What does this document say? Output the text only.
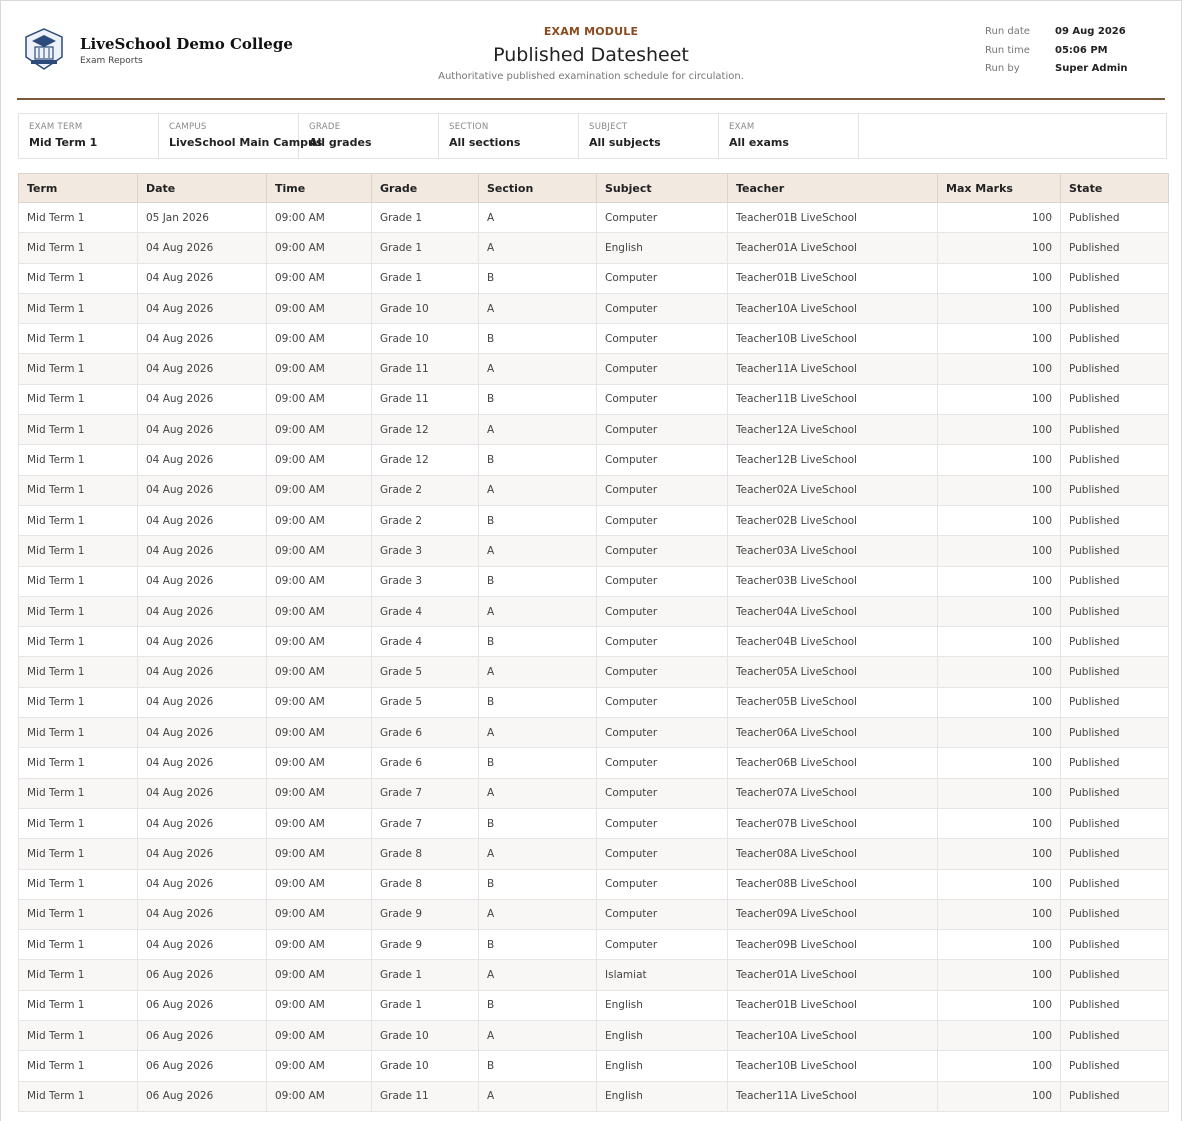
LiveSchool Demo College
Exam Reports
EXAM MODULE
Published Datesheet
Authoritative published examination schedule for circulation.
Run date	09 Aug 2026
Run time	05:06 PM
Run by	Super Admin
EXAM TERM
Mid Term 1
CAMPUS
LiveSchool Main Campus
GRADE
All grades
SECTION
All sections
SUBJECT
All subjects
EXAM
All exams
Term	Date	Time	Grade	Section	Subject	Teacher	Max Marks	State
Mid Term 1	05 Jan 2026	09:00 AM	Grade 1	A	Computer	Teacher01B LiveSchool	100	Published
Mid Term 1	04 Aug 2026	09:00 AM	Grade 1	A	English	Teacher01A LiveSchool	100	Published
Mid Term 1	04 Aug 2026	09:00 AM	Grade 1	B	Computer	Teacher01B LiveSchool	100	Published
Mid Term 1	04 Aug 2026	09:00 AM	Grade 10	A	Computer	Teacher10A LiveSchool	100	Published
Mid Term 1	04 Aug 2026	09:00 AM	Grade 10	B	Computer	Teacher10B LiveSchool	100	Published
Mid Term 1	04 Aug 2026	09:00 AM	Grade 11	A	Computer	Teacher11A LiveSchool	100	Published
Mid Term 1	04 Aug 2026	09:00 AM	Grade 11	B	Computer	Teacher11B LiveSchool	100	Published
Mid Term 1	04 Aug 2026	09:00 AM	Grade 12	A	Computer	Teacher12A LiveSchool	100	Published
Mid Term 1	04 Aug 2026	09:00 AM	Grade 12	B	Computer	Teacher12B LiveSchool	100	Published
Mid Term 1	04 Aug 2026	09:00 AM	Grade 2	A	Computer	Teacher02A LiveSchool	100	Published
Mid Term 1	04 Aug 2026	09:00 AM	Grade 2	B	Computer	Teacher02B LiveSchool	100	Published
Mid Term 1	04 Aug 2026	09:00 AM	Grade 3	A	Computer	Teacher03A LiveSchool	100	Published
Mid Term 1	04 Aug 2026	09:00 AM	Grade 3	B	Computer	Teacher03B LiveSchool	100	Published
Mid Term 1	04 Aug 2026	09:00 AM	Grade 4	A	Computer	Teacher04A LiveSchool	100	Published
Mid Term 1	04 Aug 2026	09:00 AM	Grade 4	B	Computer	Teacher04B LiveSchool	100	Published
Mid Term 1	04 Aug 2026	09:00 AM	Grade 5	A	Computer	Teacher05A LiveSchool	100	Published
Mid Term 1	04 Aug 2026	09:00 AM	Grade 5	B	Computer	Teacher05B LiveSchool	100	Published
Mid Term 1	04 Aug 2026	09:00 AM	Grade 6	A	Computer	Teacher06A LiveSchool	100	Published
Mid Term 1	04 Aug 2026	09:00 AM	Grade 6	B	Computer	Teacher06B LiveSchool	100	Published
Mid Term 1	04 Aug 2026	09:00 AM	Grade 7	A	Computer	Teacher07A LiveSchool	100	Published
Mid Term 1	04 Aug 2026	09:00 AM	Grade 7	B	Computer	Teacher07B LiveSchool	100	Published
Mid Term 1	04 Aug 2026	09:00 AM	Grade 8	A	Computer	Teacher08A LiveSchool	100	Published
Mid Term 1	04 Aug 2026	09:00 AM	Grade 8	B	Computer	Teacher08B LiveSchool	100	Published
Mid Term 1	04 Aug 2026	09:00 AM	Grade 9	A	Computer	Teacher09A LiveSchool	100	Published
Mid Term 1	04 Aug 2026	09:00 AM	Grade 9	B	Computer	Teacher09B LiveSchool	100	Published
Mid Term 1	06 Aug 2026	09:00 AM	Grade 1	A	Islamiat	Teacher01A LiveSchool	100	Published
Mid Term 1	06 Aug 2026	09:00 AM	Grade 1	B	English	Teacher01B LiveSchool	100	Published
Mid Term 1	06 Aug 2026	09:00 AM	Grade 10	A	English	Teacher10A LiveSchool	100	Published
Mid Term 1	06 Aug 2026	09:00 AM	Grade 10	B	English	Teacher10B LiveSchool	100	Published
Mid Term 1	06 Aug 2026	09:00 AM	Grade 11	A	English	Teacher11A LiveSchool	100	Published
